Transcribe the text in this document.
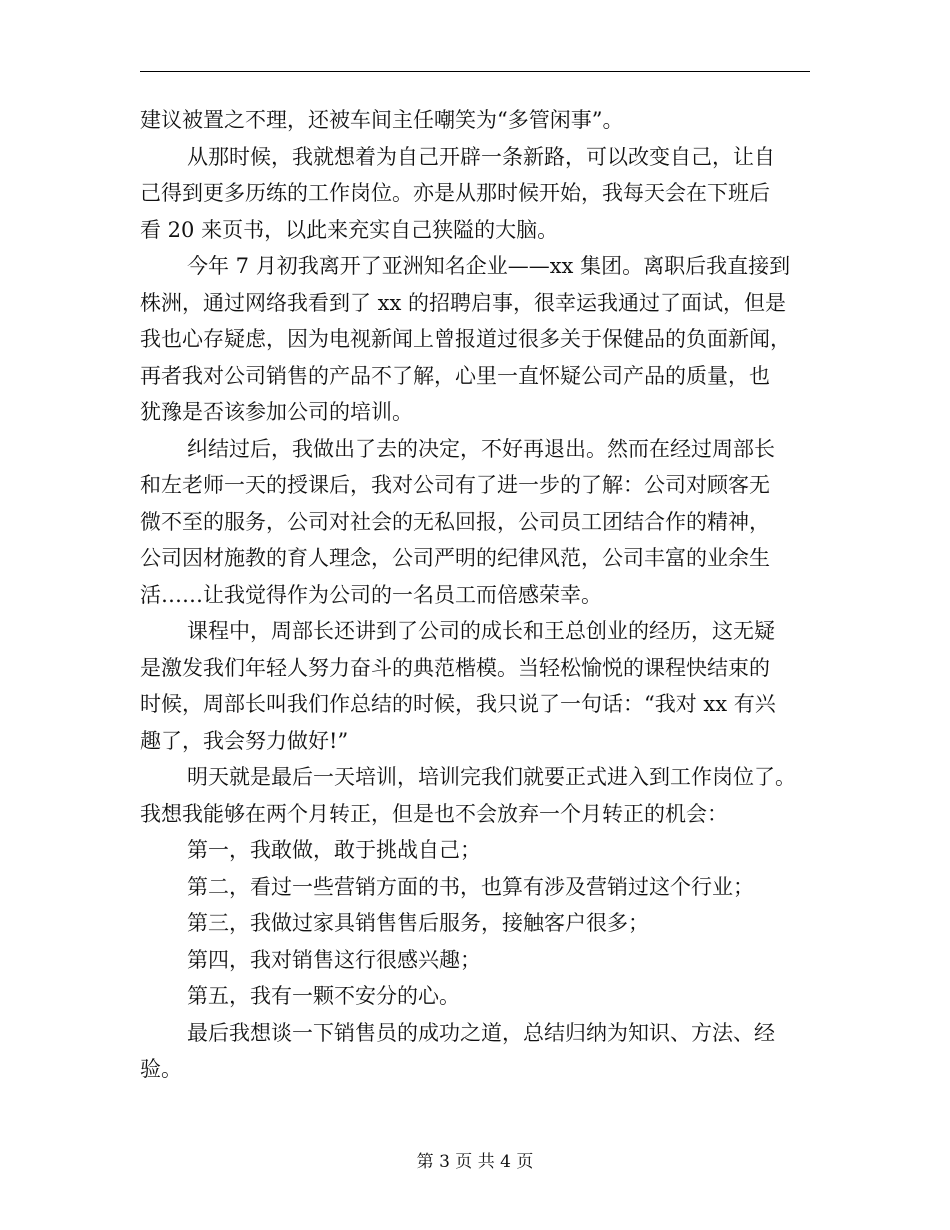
建议被置之不理，还被车间主任嘲笑为“多管闲事”。
从那时候，我就想着为自己开辟一条新路，可以改变自己，让自
己得到更多历练的工作岗位。亦是从那时候开始，我每天会在下班后
看 20 来页书，以此来充实自己狭隘的大脑。
今年 7 月初我离开了亚洲知名企业——xx 集团。离职后我直接到
株洲，通过网络我看到了 xx 的招聘启事，很幸运我通过了面试，但是
我也心存疑虑，因为电视新闻上曾报道过很多关于保健品的负面新闻，
再者我对公司销售的产品不了解，心里一直怀疑公司产品的质量，也
犹豫是否该参加公司的培训。
纠结过后，我做出了去的决定，不好再退出。然而在经过周部长
和左老师一天的授课后，我对公司有了进一步的了解：公司对顾客无
微不至的服务，公司对社会的无私回报，公司员工团结合作的精神，
公司因材施教的育人理念，公司严明的纪律风范，公司丰富的业余生
活……让我觉得作为公司的一名员工而倍感荣幸。
课程中，周部长还讲到了公司的成长和王总创业的经历，这无疑
是激发我们年轻人努力奋斗的典范楷模。当轻松愉悦的课程快结束的
时候，周部长叫我们作总结的时候，我只说了一句话：“我对 xx 有兴
趣了，我会努力做好!”
明天就是最后一天培训，培训完我们就要正式进入到工作岗位了。
我想我能够在两个月转正，但是也不会放弃一个月转正的机会：
第一，我敢做，敢于挑战自己；
第二，看过一些营销方面的书，也算有涉及营销过这个行业；
第三，我做过家具销售售后服务，接触客户很多；
第四，我对销售这行很感兴趣；
第五，我有一颗不安分的心。
最后我想谈一下销售员的成功之道，总结归纳为知识、方法、经
验。
第 3 页 共 4 页
